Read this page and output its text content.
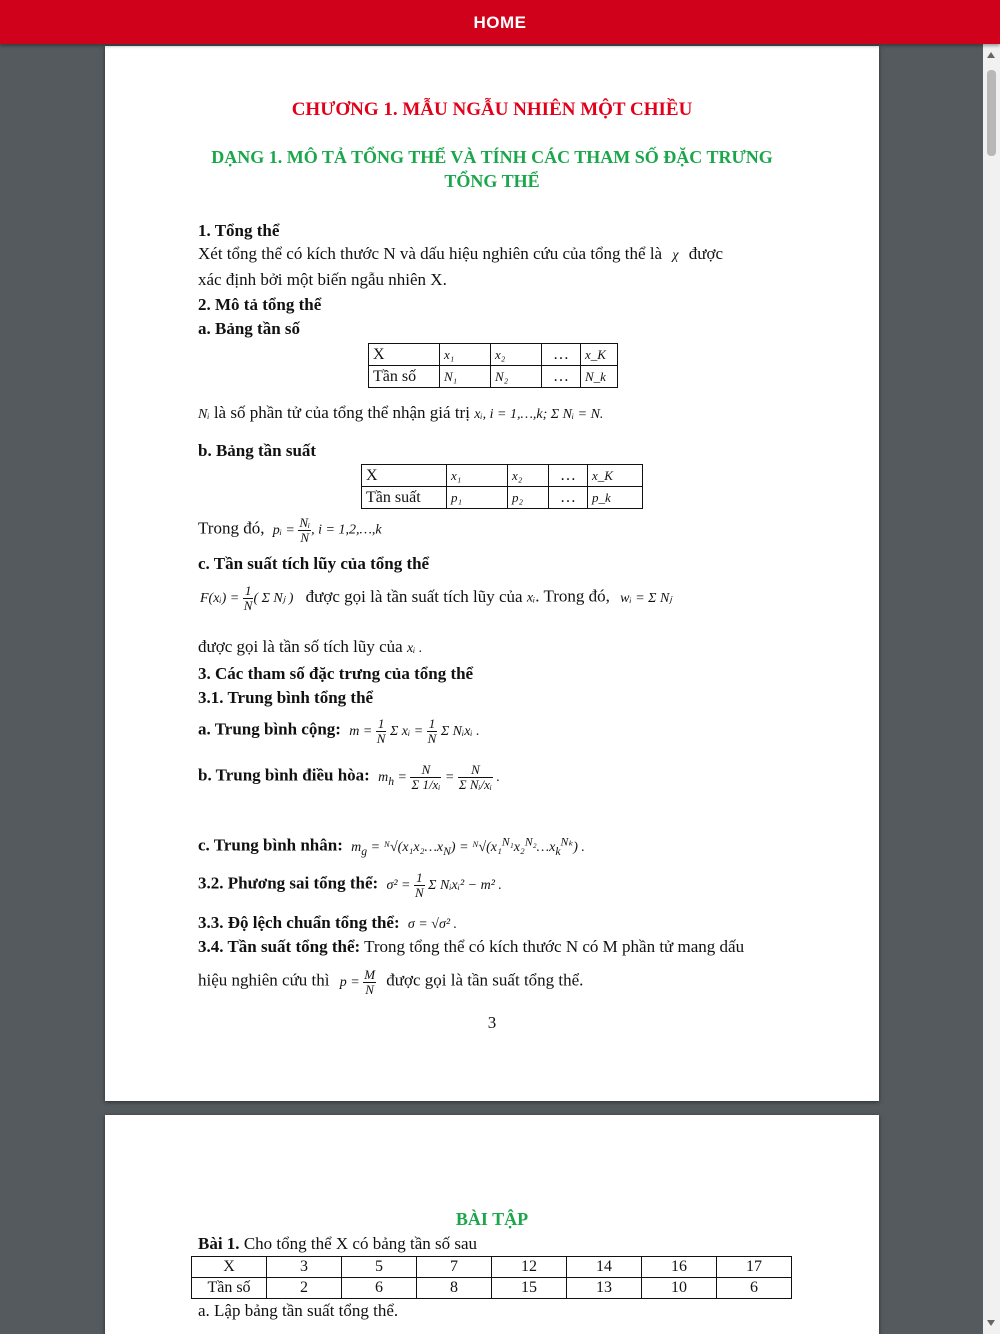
HOME
CHƯƠNG 1. MẪU NGẪU NHIÊN MỘT CHIỀU
DẠNG 1. MÔ TẢ TỔNG THỂ VÀ TÍNH CÁC THAM SỐ ĐẶC TRƯNG
TỔNG THỂ
1. Tổng thể
Xét tổng thể có kích thước N và dấu hiệu nghiên cứu của tổng thể là χ được
xác định bởi một biến ngẫu nhiên X.
2. Mô tả tổng thể
a. Bảng tần số
X	x₁	x₂	…	x_K
Tần số	N₁	N₂	…	N_k
Nᵢ là số phần tử của tổng thể nhận giá trị xᵢ, i = 1,…,k; Σ Nᵢ = N.
b. Bảng tần suất
X	x₁	x₂	…	x_K
Tần suất	p₁	p₂	…	p_k
Trong đó, pᵢ = $\frac{\text{Nᵢ}}{N}$ , i = 1,2,…,k
c. Tần suất tích lũy của tổng thể
F(xᵢ) = $\frac{1}{N}$ ( Σ Nⱼ ) được gọi là tần suất tích lũy của xᵢ. Trong đó, wᵢ = Σ Nⱼ
được gọi là tần số tích lũy của xᵢ .
3. Các tham số đặc trưng của tổng thể
3.1. Trung bình tổng thể
a. Trung bình cộng: $m = \frac{1}{N}$ Σ xᵢ = $\frac{1}{N}$ Σ Nᵢxᵢ .
b. Trung bình điều hòa: $m_h = \frac{N}{\text{Σ 1/xᵢ}} = \frac{N}{\text{Σ Nᵢ/xᵢ}}$ .
c. Trung bình nhân: $m_g$ = $ᴺ√(x_1x_2\dots x_N)$ = $ᴺ√(x_1^{N_1}x_2^{N_2}\dots x_k^{N_k})$ .
3.2. Phương sai tổng thể: $\sigma^2 = \frac{1}{N}$ Σ Nᵢxᵢ² − m² .
3.3. Độ lệch chuẩn tổng thể: σ = √σ² .
3.4. Tần suất tổng thể: Trong tổng thể có kích thước N có M phần tử mang dấu
hiệu nghiên cứu thì $p = \frac{M}{N}$ được gọi là tần suất tổng thể.
3
BÀI TẬP
Bài 1. Cho tổng thể X có bảng tần số sau
X	3	5	7	12	14	16	17
Tần số	2	6	8	15	13	10	6
a. Lập bảng tần suất tổng thể.
